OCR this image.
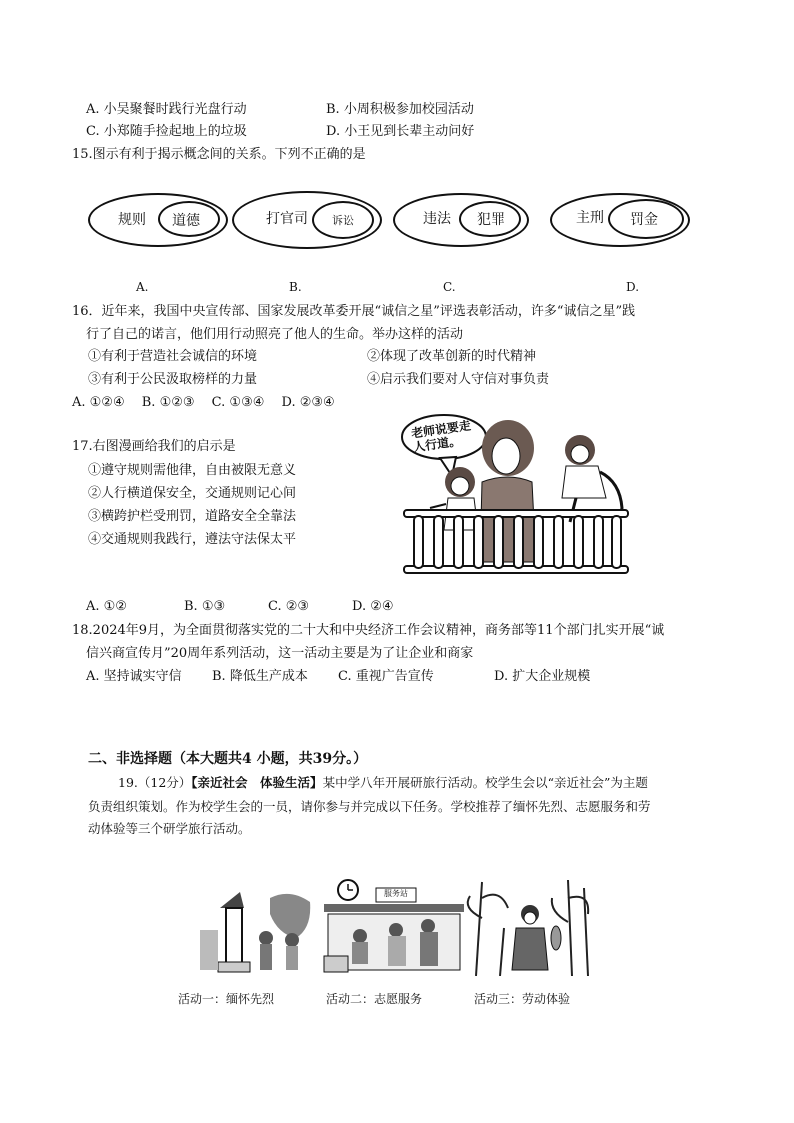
A. 小吴聚餐时践行光盘行动	B. 小周积极参加校园活动
C. 小郑随手捡起地上的垃圾	D. 小王见到长辈主动问好
15.图示有利于揭示概念间的关系。下列不正确的是
规则 道德	打官司 诉讼	违法 犯罪	主刑 罚金
A.	B.	C.	D.
16．近年来，我国中央宣传部、国家发展改革委开展“诚信之星”评选表彰活动，许多“诚信之星”践
行了自己的诺言，他们用行动照亮了他人的生命。举办这样的活动
①有利于营造社会诚信的环境	②体现了改革创新的时代精神
③有利于公民汲取榜样的力量	④启示我们要对人守信对事负责
A. ①②④　 B. ①②③　 C. ①③④　 D. ②③④
17.右图漫画给我们的启示是
①遵守规则需他律，自由被限无意义
②人行横道保安全，交通规则记心间
③横跨护栏受刑罚，道路安全全靠法
④交通规则我践行，遵法守法保太平
老师说要走人行道。
A. ①②	B. ①③	C. ②③	D. ②④
18.2024年9月，为全面贯彻落实党的二十大和中央经济工作会议精神，商务部等11个部门扎实开展“诚
信兴商宣传月”20周年系列活动，这一活动主要是为了让企业和商家
A. 坚持诚实守信 B. 降低生产成本 C. 重视广告宣传	D. 扩大企业规模
二、非选择题（本大题共4 小题，共39分。）
19.（12分）【亲近社会　体验生活】某中学八年开展研旅行活动。校学生会以“亲近社会”为主题
负责组织策划。作为校学生会的一员，请你参与并完成以下任务。学校推荐了缅怀先烈、志愿服务和劳
动体验等三个研学旅行活动。
服务站
活动一：缅怀先烈	活动二：志愿服务	活动三：劳动体验
